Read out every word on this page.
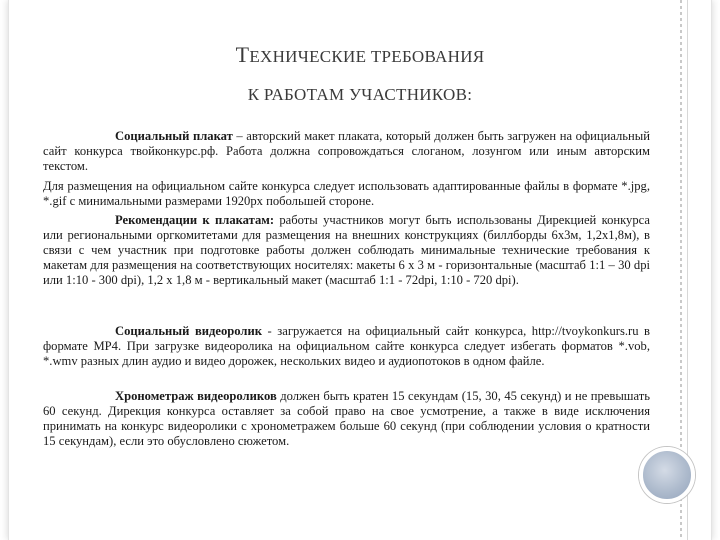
ТЕХНИЧЕСКИЕ ТРЕБОВАНИЯ
К РАБОТАМ УЧАСТНИКОВ:

Социальный плакат – авторский макет плаката, который должен быть загружен на официальный сайт конкурса твойконкурс.рф. Работа должна сопровождаться слоганом, лозунгом или иным авторским текстом.

Для размещения на официальном сайте конкурса следует использовать адаптированные файлы в формате *.jpg, *.gif с минимальными размерами 1920px побольшей стороне.

Рекомендации к плакатам: работы участников могут быть использованы Дирекцией конкурса или региональными оргкомитетами для размещения на внешних конструкциях (биллборды 6х3м, 1,2х1,8м), в связи с чем участник при подготовке работы должен соблюдать минимальные технические требования к макетам для размещения на соответствующих носителях: макеты 6 х 3 м - горизонтальные (масштаб 1:1 – 30 dpi или 1:10 - 300 dpi), 1,2 х 1,8 м - вертикальный макет (масштаб 1:1 - 72dpi, 1:10 - 720 dpi).

Социальный видеоролик - загружается на официальный сайт конкурса, http://tvoykonkurs.ru в формате MP4. При загрузке видеоролика на официальном сайте конкурса следует избегать форматов *.vob, *.wmv разных длин аудио и видео дорожек, нескольких видео и аудиопотоков в одном файле.

Хронометраж видеороликов должен быть кратен 15 секундам (15, 30, 45 секунд) и не превышать 60 секунд. Дирекция конкурса оставляет за собой право на свое усмотрение, а также в виде исключения принимать на конкурс видеоролики с хронометражем больше 60 секунд (при соблюдении условия о кратности 15 секундам), если это обусловлено сюжетом.
